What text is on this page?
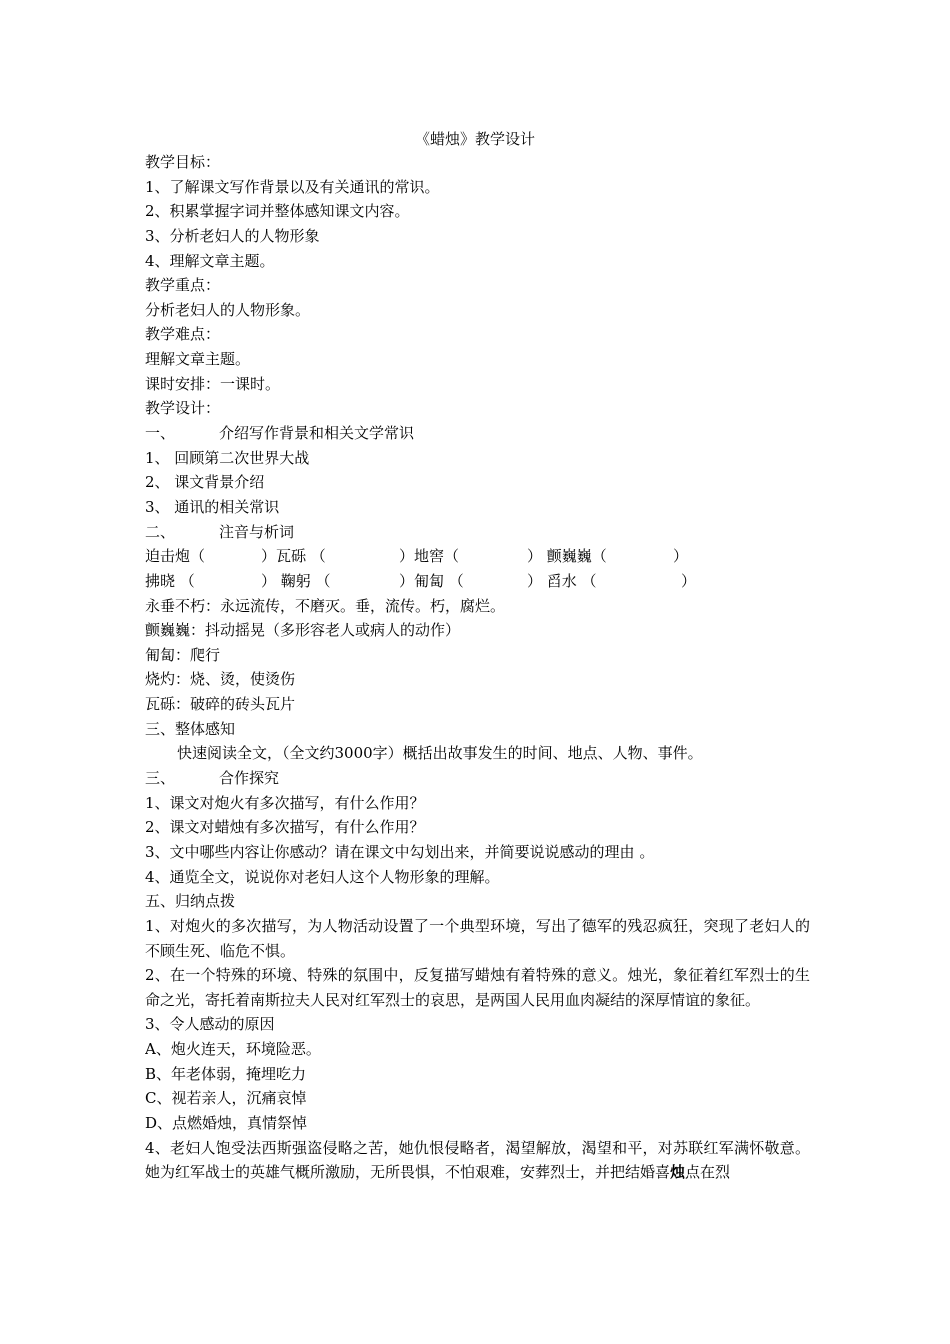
《蜡烛》教学设计
教学目标：
1、了解课文写作背景以及有关通讯的常识。
2、积累掌握字词并整体感知课文内容。
3、分析老妇人的人物形象
4、理解文章主题。
教学重点：
分析老妇人的人物形象。
教学难点：
理解文章主题。
课时安排：一课时。
教学设计：
一、	介绍写作背景和相关文学常识
1、 回顾第二次世界大战
2、 课文背景介绍
3、 通讯的相关常识
二、	注音与析词
迫击炮（	）瓦砾 （	）地窖（	） 颤巍巍（	）
拂晓 （	） 鞠躬 （	）匍匐 （	） 舀水 （	）
永垂不朽：永远流传，不磨灭。垂，流传。朽，腐烂。
颤巍巍：抖动摇晃（多形容老人或病人的动作）
匍匐：爬行
烧灼：烧、烫，使烫伤
瓦砾：破碎的砖头瓦片
三、整体感知
快速阅读全文，（全文约3000字）概括出故事发生的时间、地点、人物、事件。
三、	合作探究
1、课文对炮火有多次描写，有什么作用？
2、课文对蜡烛有多次描写，有什么作用？
3、文中哪些内容让你感动？请在课文中勾划出来，并简要说说感动的理由 。
4、通览全文，说说你对老妇人这个人物形象的理解。
五、归纳点拨
1、对炮火的多次描写，为人物活动设置了一个典型环境，写出了德军的残忍疯狂，突现了老妇人的不顾生死、临危不惧。
2、在一个特殊的环境、特殊的氛围中，反复描写蜡烛有着特殊的意义。烛光，象征着红军烈士的生命之光，寄托着南斯拉夫人民对红军烈士的哀思，是两国人民用血肉凝结的深厚情谊的象征。
3、令人感动的原因
A、炮火连天，环境险恶。
B、年老体弱，掩埋吃力
C、视若亲人，沉痛哀悼
D、点燃婚烛，真情祭悼
4、老妇人饱受法西斯强盗侵略之苦，她仇恨侵略者，渴望解放，渴望和平，对苏联红军满怀敬意。她为红军战士的英雄气概所激励，无所畏惧，不怕艰难，安葬烈士，并把结婚喜烛点在烈
